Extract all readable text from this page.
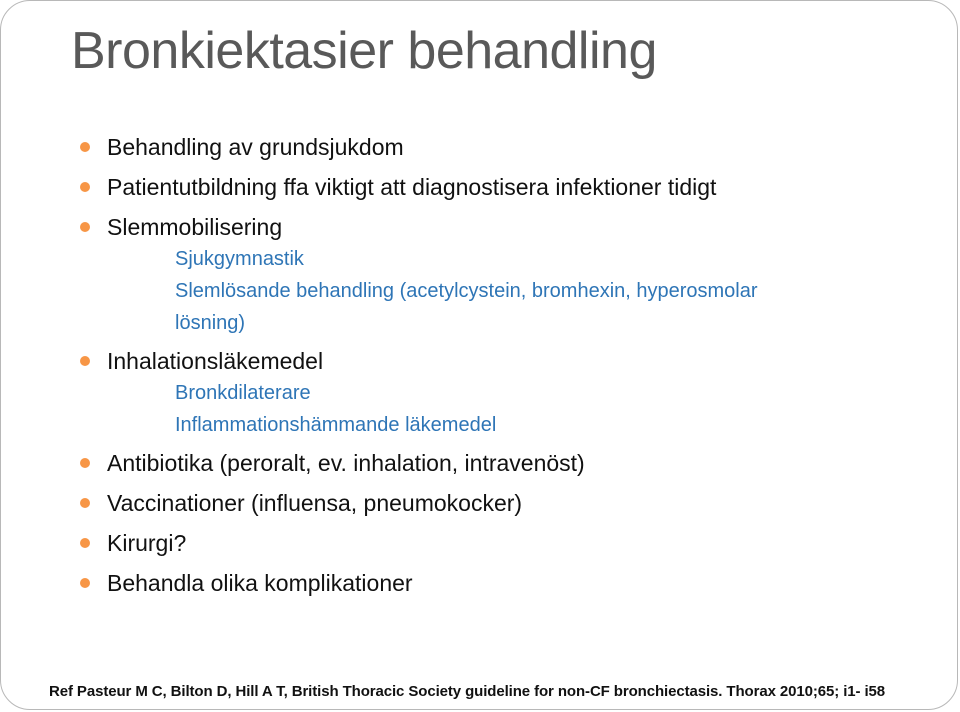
Bronkiektasier behandling
Behandling av grundsjukdom
Patientutbildning ffa viktigt att diagnostisera infektioner tidigt
Slemmobilisering
Sjukgymnastik
Slemlösande behandling (acetylcystein, bromhexin, hyperosmolar
lösning)
Inhalationsläkemedel
Bronkdilaterare
Inflammationshämmande läkemedel
Antibiotika (peroralt, ev. inhalation, intravenöst)
Vaccinationer (influensa, pneumokocker)
Kirurgi?
Behandla olika komplikationer
Ref Pasteur M C, Bilton D, Hill A T, British Thoracic Society guideline for non-CF bronchiectasis. Thorax 2010;65; i1- i58
